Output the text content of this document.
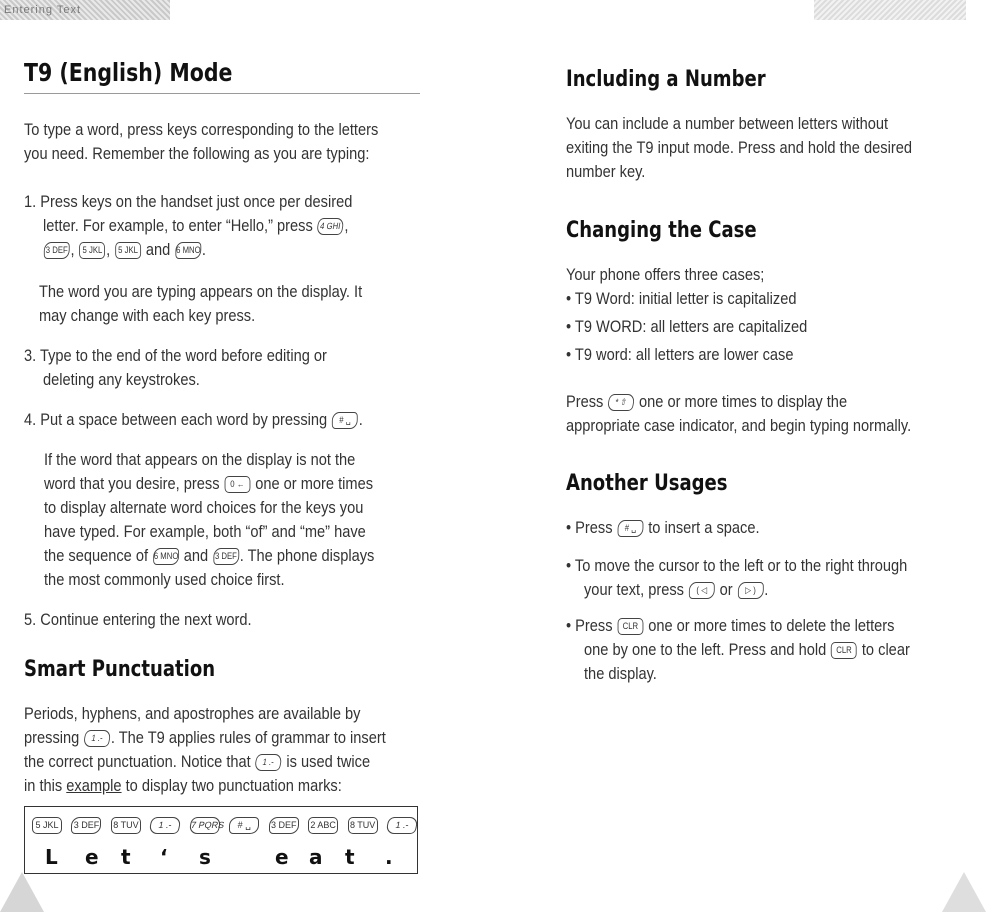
Entering Text
T9 (English) Mode

To type a word, press keys corresponding to the letters

you need. Remember the following as you are typing:

1. Press keys on the handset just once per desired

letter. For example, to enter “Hello,” press 4 GHI ,

3 DEF , 5 JKL , 5 JKL and 6 MNO.

The word you are typing appears on the display. It

may change with each key press.

3. Type to the end of the word before editing or

deleting any keystrokes.

4. Put a space between each word by pressing # ␣ .

If the word that appears on the display is not the

word that you desire, press 0 ← one or more times

to display alternate word choices for the keys you

have typed. For example, both “of” and “me” have

the sequence of 6 MNO and 3 DEF . The phone displays

the most commonly used choice first.

5. Continue entering the next word.

Smart Punctuation

Periods, hyphens, and apostrophes are available by

pressing 1 .- . The T9 applies rules of grammar to insert

the correct punctuation. Notice that 1 .- is used twice

in this example to display two punctuation marks:

5 JKL 3 DEF 8 TUV 1 .- 7 PQRS # ␣ 3 DEF 2 ABC 8 TUV 1 .-
L e t ‘ s	e a t .
Including a Number

You can include a number between letters without

exiting the T9 input mode. Press and hold the desired

number key.

Changing the Case

Your phone offers three cases;

• T9 Word: initial letter is capitalized

• T9 WORD: all letters are capitalized

• T9 word: all letters are lower case

Press * ⇧ one or more times to display the

appropriate case indicator, and begin typing normally.

Another Usages

• Press # ␣ to insert a space.

• To move the cursor to the left or to the right through

your text, press ( ◁ or ▷ ) .

• Press CLR one or more times to delete the letters

one by one to the left. Press and hold CLR to clear

the display.
